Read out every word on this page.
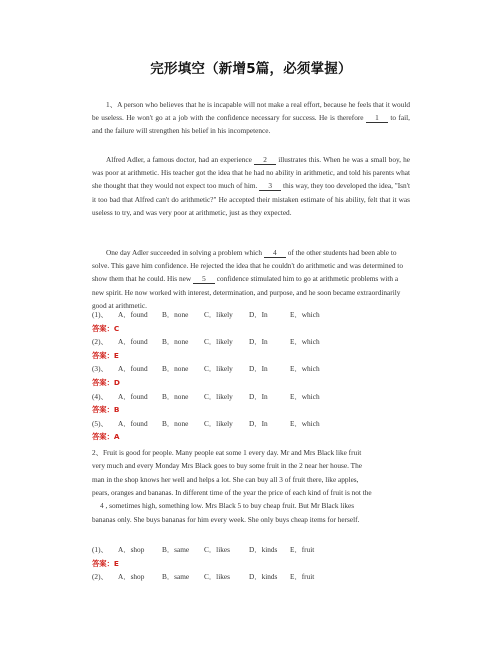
完形填空（新增5篇，必须掌握）
1、A person who believes that he is incapable will not make a real effort, because he feels that it would be useless. He won't go at a job with the confidence necessary for success. He is therefore 1 to fail, and the failure will strengthen his belief in his incompetence.
Alfred Adler, a famous doctor, had an experience 2 illustrates this. When he was a small boy, he was poor at arithmetic. His teacher got the idea that he had no ability in arithmetic, and told his parents what she thought that they would not expect too much of him. 3 this way, they too developed the idea, "Isn't it too bad that Alfred can't do arithmetic?" He accepted their mistaken estimate of his ability, felt that it was useless to try, and was very poor at arithmetic, just as they expected.
One day Adler succeeded in solving a problem which 4 of the other students had been able to solve. This gave him confidence. He rejected the idea that he couldn't do arithmetic and was determined to show them that he could. His new 5 confidence stimulated him to go at arithmetic problems with a new spirit. He now worked with interest, determination, and purpose, and he soon became extraordinarily good at arithmetic.
(1)、 A．found B．none C．likely D．In	E．which
答案：C
(2)、 A．found B．none C．likely D．In	E．which
答案：E
(3)、 A．found B．none C．likely D．In	E．which
答案：D
(4)、 A．found B．none C．likely D．In	E．which
答案：B
(5)、 A．found B．none C．likely D．In	E．which
答案：A
2、Fruit is good for people. Many people eat some 1 every day. Mr and Mrs Black like fruit
very much and every Monday Mrs Black goes to buy some fruit in the 2 near her house. The
man in the shop knows her well and helps a lot. She can buy all 3 of fruit there, like apples,
pears, oranges and bananas. In different time of the year the price of each kind of fruit is not the
4 , sometimes high, something low. Mrs Black 5 to buy cheap fruit. But Mr Black likes
bananas only. She buys bananas for him every week. She only buys cheap items for herself.
(1)、 A．shop B．same C．likes	D．kinds E．fruit
答案：E
(2)、 A．shop B．same C．likes	D．kinds E．fruit
